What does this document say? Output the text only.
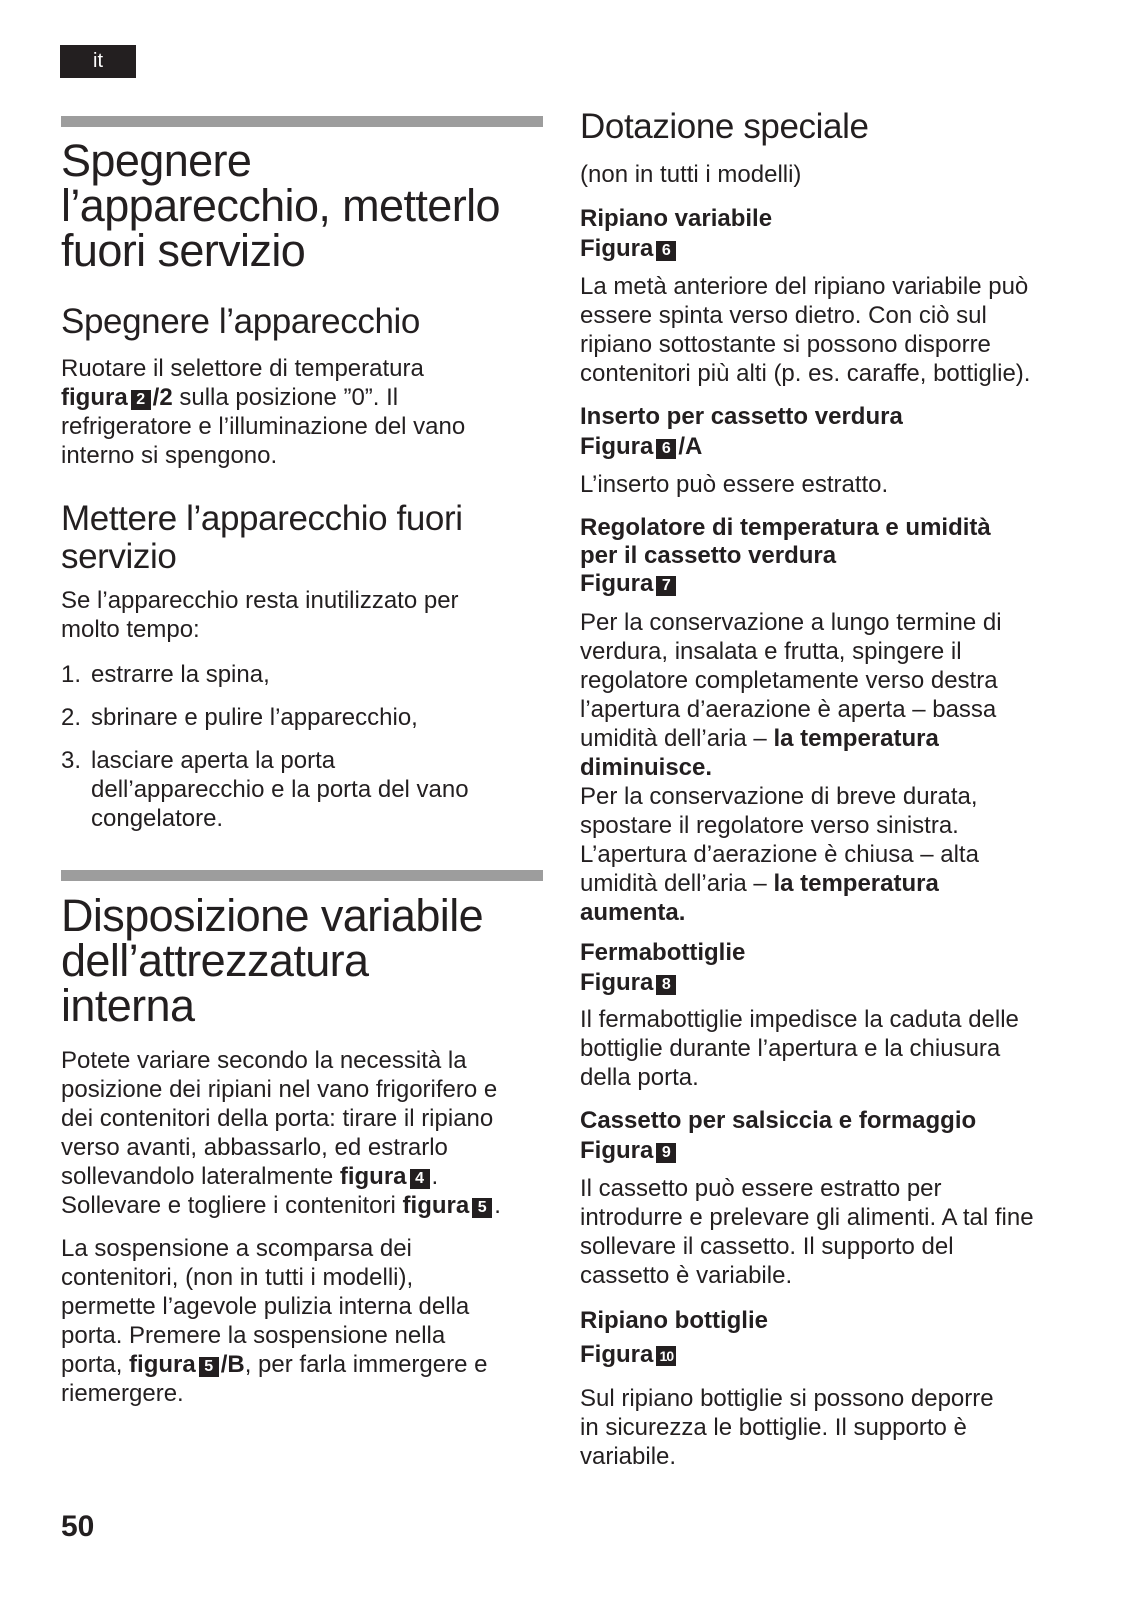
it
Spegnere
l’apparecchio, metterlo
fuori servizio
Spegnere l’apparecchio

Ruotare il selettore di temperatura
figura 2 /2 sulla posizione ”0”. Il
refrigeratore e l’illuminazione del vano
interno si spengono.

Mettere l’apparecchio fuori
servizio

Se l’apparecchio resta inutilizzato per
molto tempo:

1. estrarre la spina,
2. sbrinare e pulire l’apparecchio,
3. lasciare aperta la porta
dell’apparecchio e la porta del vano
congelatore.
Disposizione variabile
dell’attrezzatura
interna

Potete variare secondo la necessità la
posizione dei ripiani nel vano frigorifero e
dei contenitori della porta: tirare il ripiano
verso avanti, abbassarlo, ed estrarlo
sollevandolo lateralmente figura 4 .
Sollevare e togliere i contenitori figura 5 .

La sospensione a scomparsa dei
contenitori, (non in tutti i modelli),
permette l’agevole pulizia interna della
porta. Premere la sospensione nella
porta, figura 5 /B, per farla immergere e
riemergere.

Dotazione speciale

(non in tutti i modelli)

Ripiano variabile
Figura 6

La metà anteriore del ripiano variabile può
essere spinta verso dietro. Con ciò sul
ripiano sottostante si possono disporre
contenitori più alti (p. es. caraffe, bottiglie).

Inserto per cassetto verdura
Figura 6 /A

L’inserto può essere estratto.

Regolatore di temperatura e umidità
per il cassetto verdura
Figura 7

Per la conservazione a lungo termine di
verdura, insalata e frutta, spingere il
regolatore completamente verso destra
l’apertura d’aerazione è aperta – bassa
umidità dell’aria – la temperatura
diminuisce.
Per la conservazione di breve durata,
spostare il regolatore verso sinistra.
L’apertura d’aerazione è chiusa – alta
umidità dell’aria – la temperatura
aumenta.

Fermabottiglie
Figura 8

Il fermabottiglie impedisce la caduta delle
bottiglie durante l’apertura e la chiusura
della porta.

Cassetto per salsiccia e formaggio
Figura 9

Il cassetto può essere estratto per
introdurre e prelevare gli alimenti. A tal fine
sollevare il cassetto. Il supporto del
cassetto è variabile.

Ripiano bottiglie
Figura 10

Sul ripiano bottiglie si possono deporre
in sicurezza le bottiglie. Il supporto è
variabile.

50
